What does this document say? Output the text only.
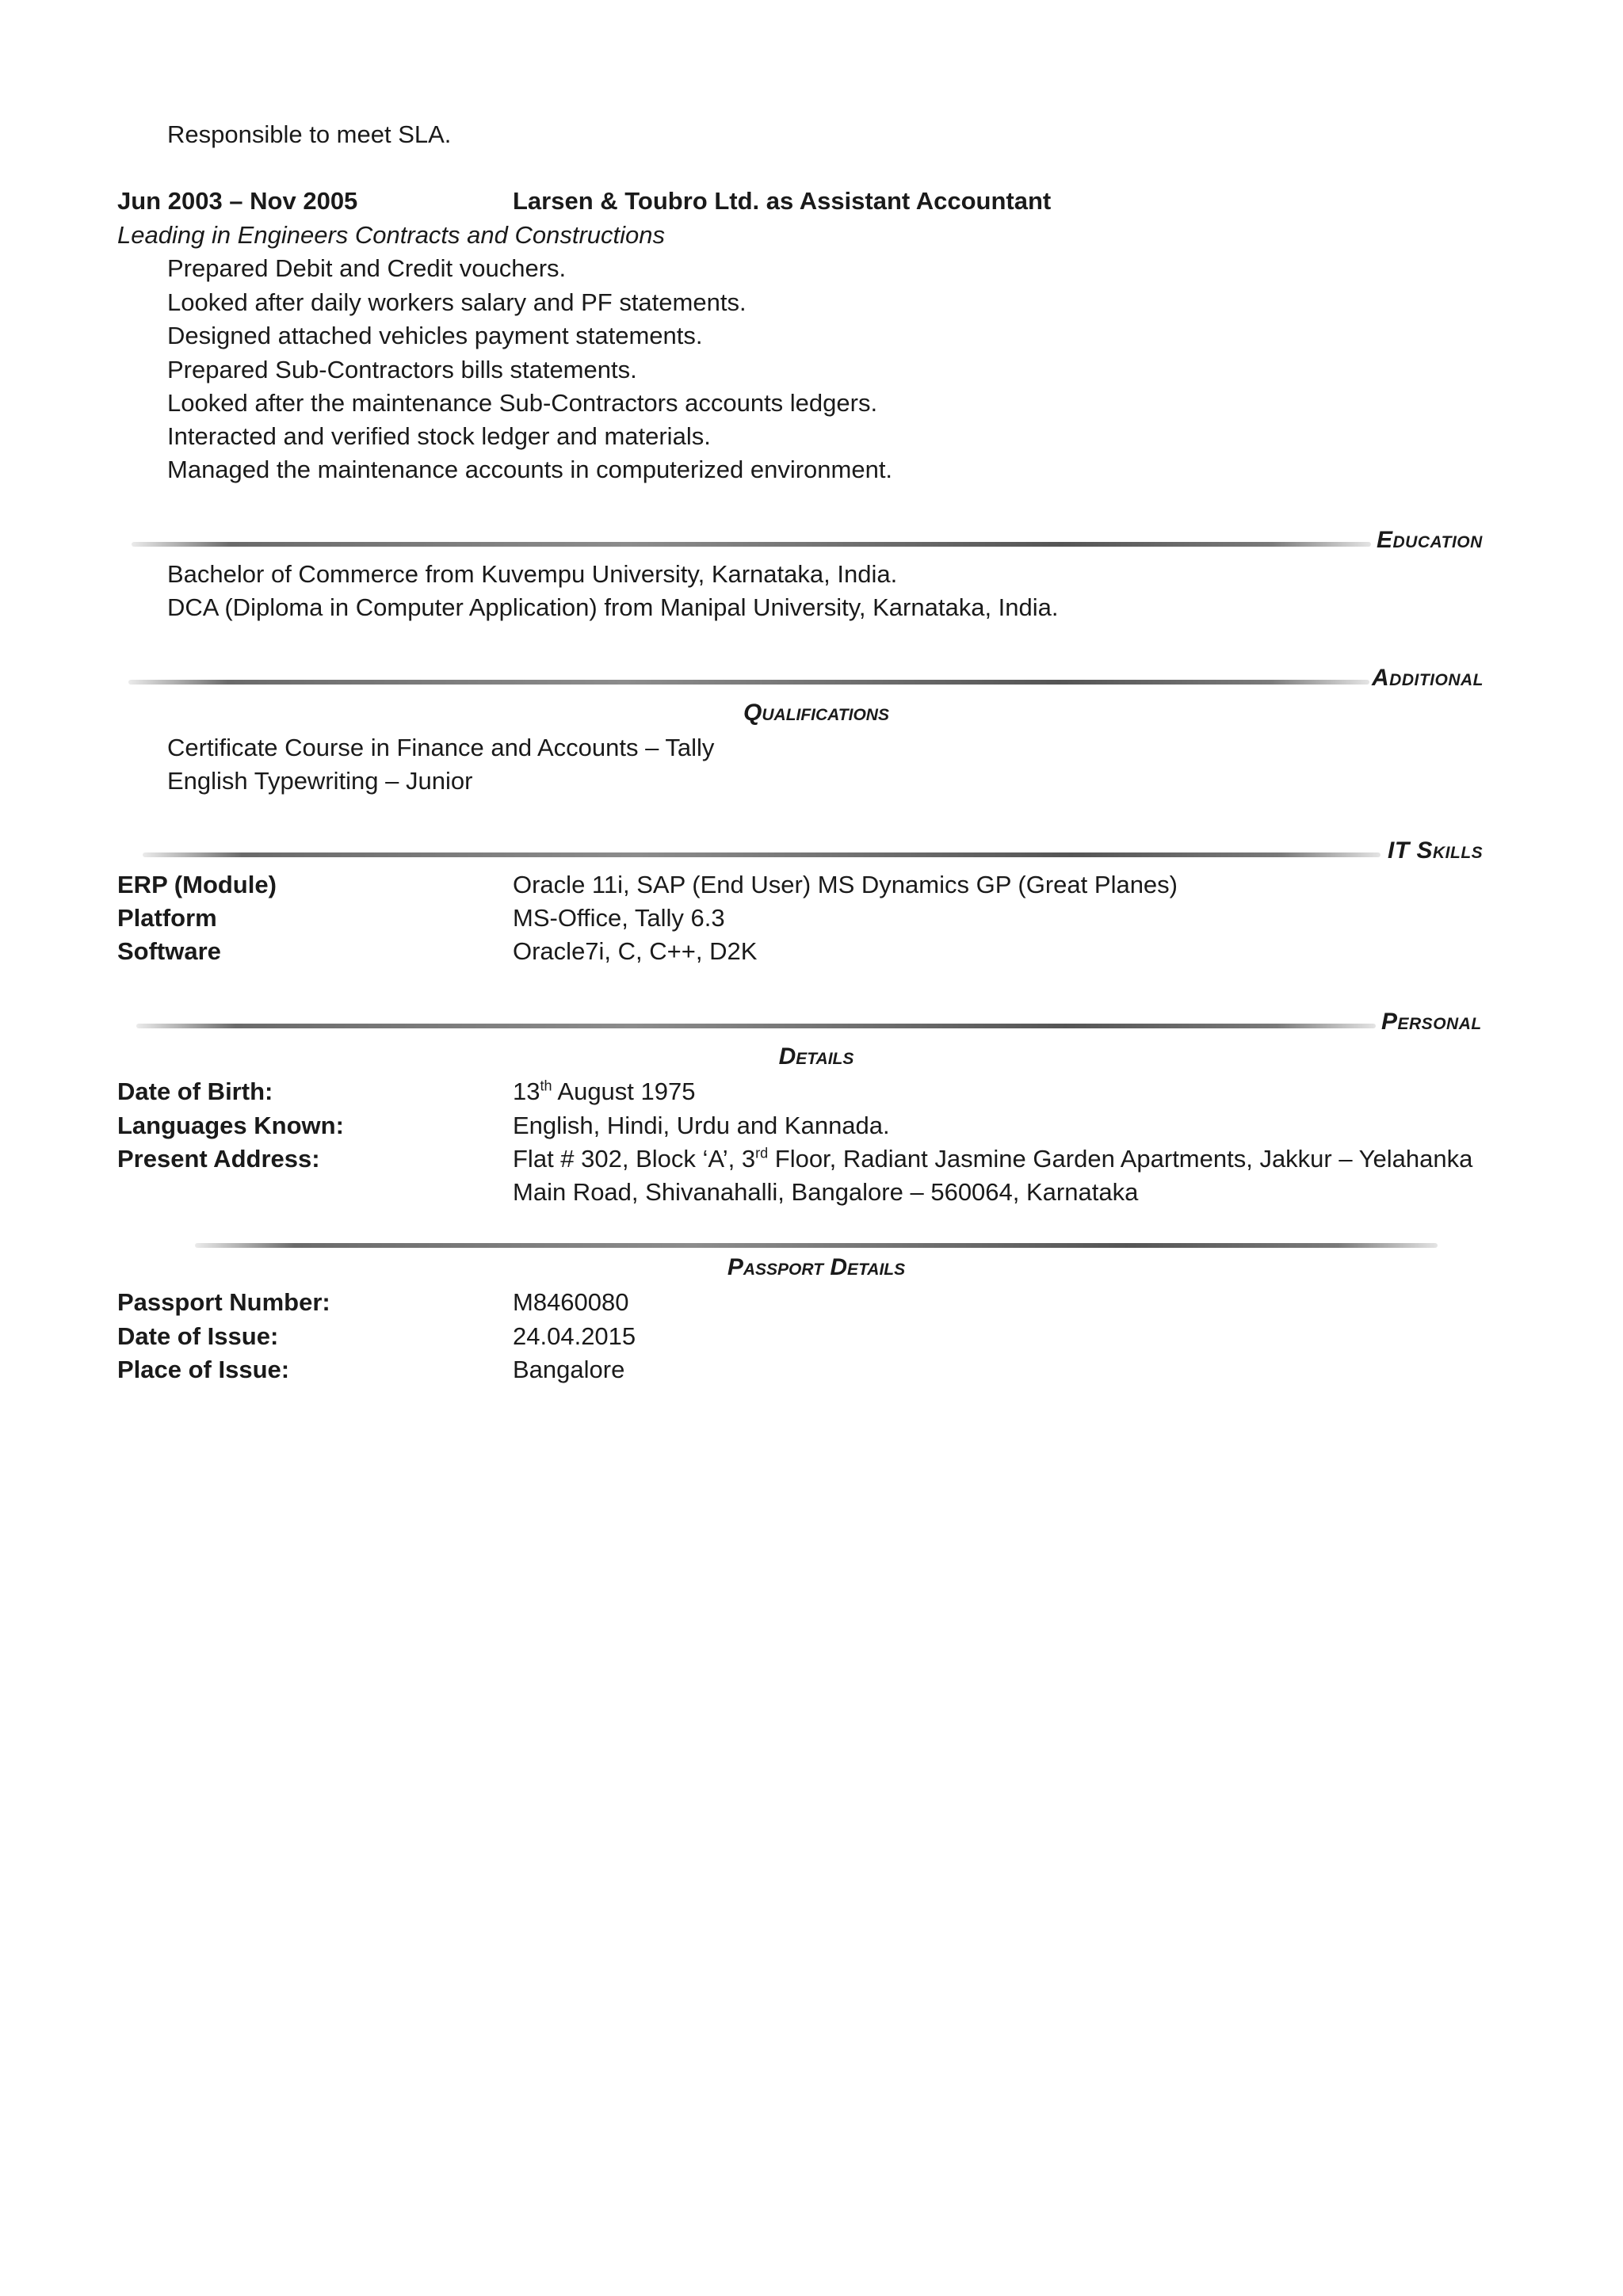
Responsible to meet SLA.
Jun 2003 – Nov 2005	Larsen & Toubro Ltd. as Assistant Accountant
Leading in Engineers Contracts and Constructions
Prepared Debit and Credit vouchers.
Looked after daily workers salary and PF statements.
Designed attached vehicles payment statements.
Prepared Sub-Contractors bills statements.
Looked after the maintenance Sub-Contractors accounts ledgers.
Interacted and verified stock ledger and materials.
Managed the maintenance accounts in computerized environment.
Education
Bachelor of Commerce from Kuvempu University, Karnataka, India.
DCA (Diploma in Computer Application) from Manipal University, Karnataka, India.
Additional
Qualifications
Certificate Course in Finance and Accounts – Tally
English Typewriting – Junior
IT Skills
ERP (Module)	Oracle 11i, SAP (End User) MS Dynamics GP (Great Planes)
Platform	MS-Office, Tally 6.3
Software	Oracle7i, C, C++, D2K
Personal
Details
Date of Birth:	13th August 1975
Languages Known:	English, Hindi, Urdu and Kannada.
Present Address:	Flat # 302, Block ‘A’, 3rd Floor, Radiant Jasmine Garden Apartments, Jakkur – Yelahanka
Main Road, Shivanahalli, Bangalore – 560064, Karnataka
Passport Details
Passport Number:	M8460080
Date of Issue:	24.04.2015
Place of Issue:	Bangalore
